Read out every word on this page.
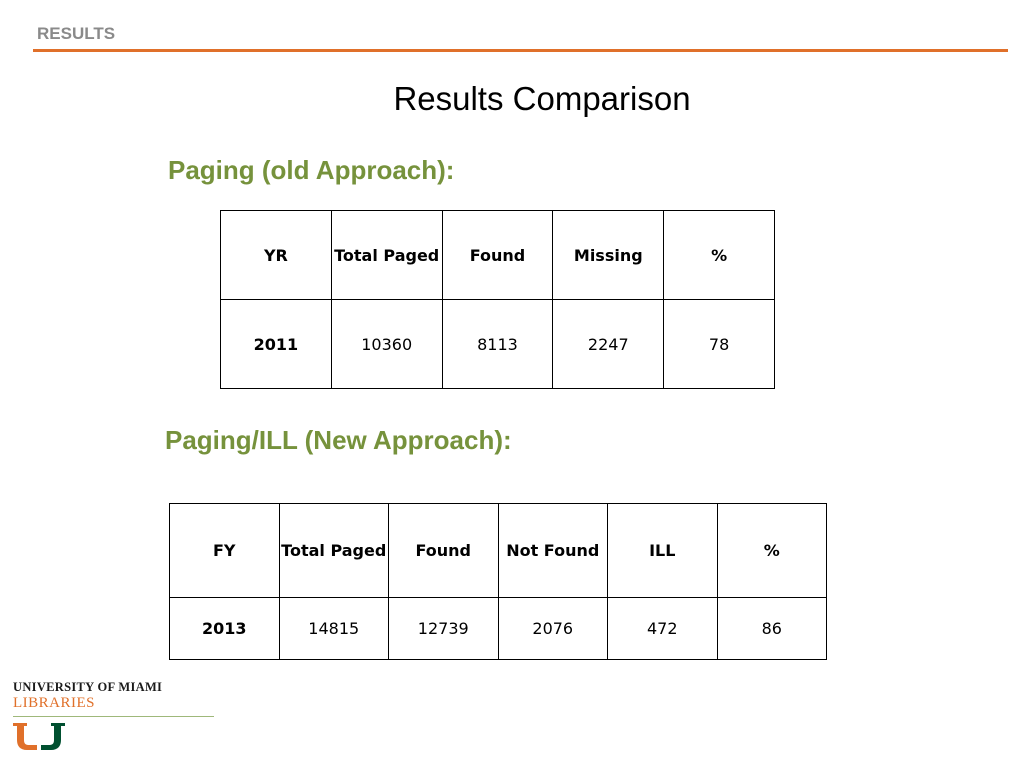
RESULTS
Results Comparison
Paging (old Approach):
YR	Total Paged	Found	Missing	%
2011	10360	8113	2247	78
Paging/ILL (New Approach):
FY	Total Paged	Found	Not Found	ILL	%
2013	14815	12739	2076	472	86
UNIVERSITY OF MIAMI
LIBRARIES
